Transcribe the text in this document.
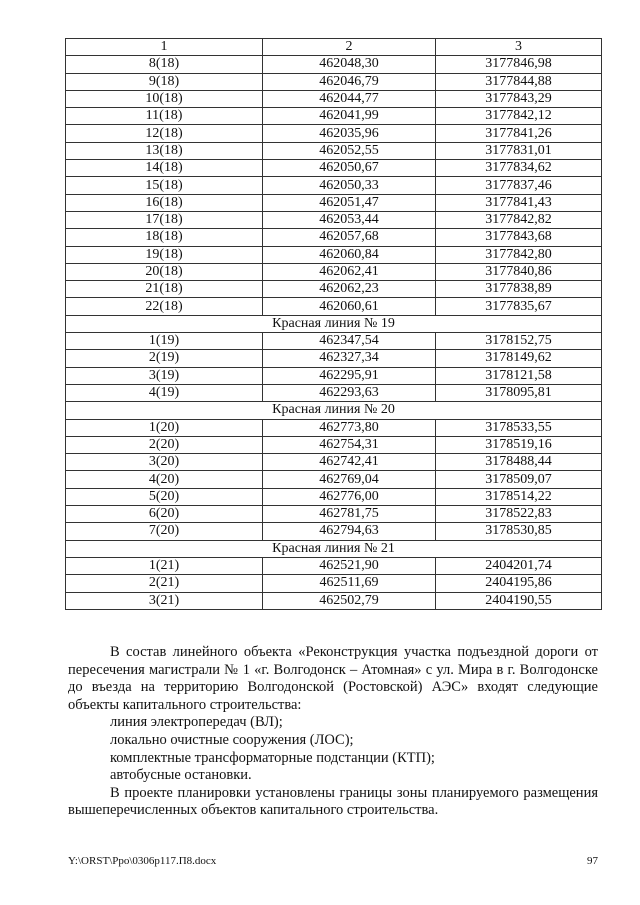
1	2	3
8(18)	462048,30	3177846,98
9(18)	462046,79	3177844,88
10(18)	462044,77	3177843,29
11(18)	462041,99	3177842,12
12(18)	462035,96	3177841,26
13(18)	462052,55	3177831,01
14(18)	462050,67	3177834,62
15(18)	462050,33	3177837,46
16(18)	462051,47	3177841,43
17(18)	462053,44	3177842,82
18(18)	462057,68	3177843,68
19(18)	462060,84	3177842,80
20(18)	462062,41	3177840,86
21(18)	462062,23	3177838,89
22(18)	462060,61	3177835,67
Красная линия № 19		
1(19)	462347,54	3178152,75
2(19)	462327,34	3178149,62
3(19)	462295,91	3178121,58
4(19)	462293,63	3178095,81
Красная линия № 20		
1(20)	462773,80	3178533,55
2(20)	462754,31	3178519,16
3(20)	462742,41	3178488,44
4(20)	462769,04	3178509,07
5(20)	462776,00	3178514,22
6(20)	462781,75	3178522,83
7(20)	462794,63	3178530,85
Красная линия № 21		
1(21)	462521,90	2404201,74
2(21)	462511,69	2404195,86
3(21)	462502,79	2404190,55

В состав линейного объекта «Реконструкция участка подъездной дороги от пересечения магистрали № 1 «г. Волгодонск – Атомная» с ул. Мира в г. Волгодонске до въезда на территорию Волгодонской (Ростовской) АЭС» входят следующие объекты капитального строительства:

линия электропередач (ВЛ);

локально очистные сооружения (ЛОС);

комплектные трансформаторные подстанции (КТП);

автобусные остановки.

В проекте планировки установлены границы зоны планируемого размещения вышеперечисленных объектов капитального строительства.

Y:\ORST\Ppo\0306p117.П8.docx	97
